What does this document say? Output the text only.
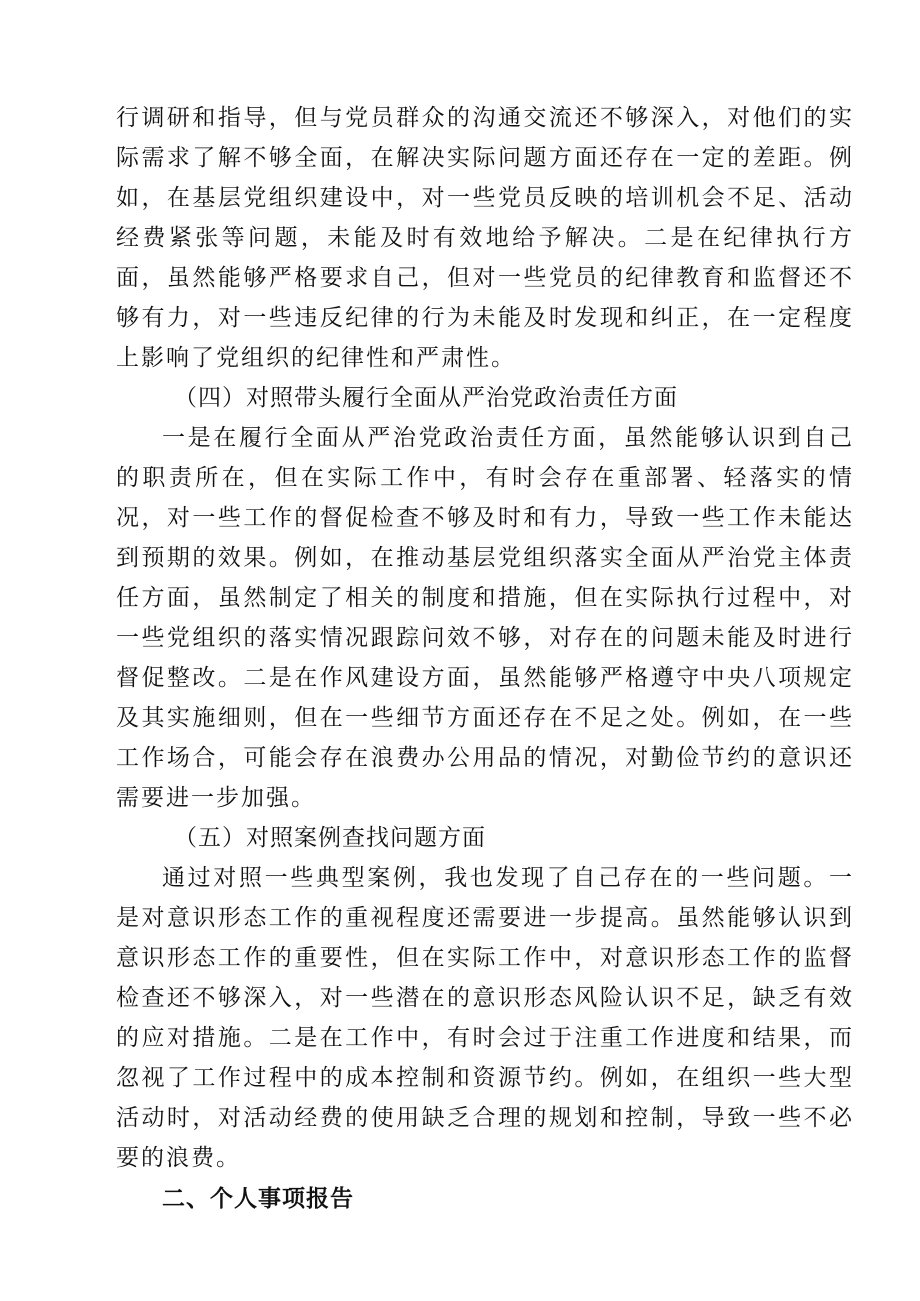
行调研和指导，但与党员群众的沟通交流还不够深入，对他们的实际需求了解不够全面，在解决实际问题方面还存在一定的差距。例如，在基层党组织建设中，对一些党员反映的培训机会不足、活动经费紧张等问题，未能及时有效地给予解决。二是在纪律执行方面，虽然能够严格要求自己，但对一些党员的纪律教育和监督还不够有力，对一些违反纪律的行为未能及时发现和纠正，在一定程度上影响了党组织的纪律性和严肃性。

（四）对照带头履行全面从严治党政治责任方面

一是在履行全面从严治党政治责任方面，虽然能够认识到自己的职责所在，但在实际工作中，有时会存在重部署、轻落实的情况，对一些工作的督促检查不够及时和有力，导致一些工作未能达到预期的效果。例如，在推动基层党组织落实全面从严治党主体责任方面，虽然制定了相关的制度和措施，但在实际执行过程中，对一些党组织的落实情况跟踪问效不够，对存在的问题未能及时进行督促整改。二是在作风建设方面，虽然能够严格遵守中央八项规定及其实施细则，但在一些细节方面还存在不足之处。例如，在一些工作场合，可能会存在浪费办公用品的情况，对勤俭节约的意识还需要进一步加强。

（五）对照案例查找问题方面

通过对照一些典型案例，我也发现了自己存在的一些问题。一是对意识形态工作的重视程度还需要进一步提高。虽然能够认识到意识形态工作的重要性，但在实际工作中，对意识形态工作的监督检查还不够深入，对一些潜在的意识形态风险认识不足，缺乏有效的应对措施。二是在工作中，有时会过于注重工作进度和结果，而忽视了工作过程中的成本控制和资源节约。例如，在组织一些大型活动时，对活动经费的使用缺乏合理的规划和控制，导致一些不必要的浪费。

二、个人事项报告
